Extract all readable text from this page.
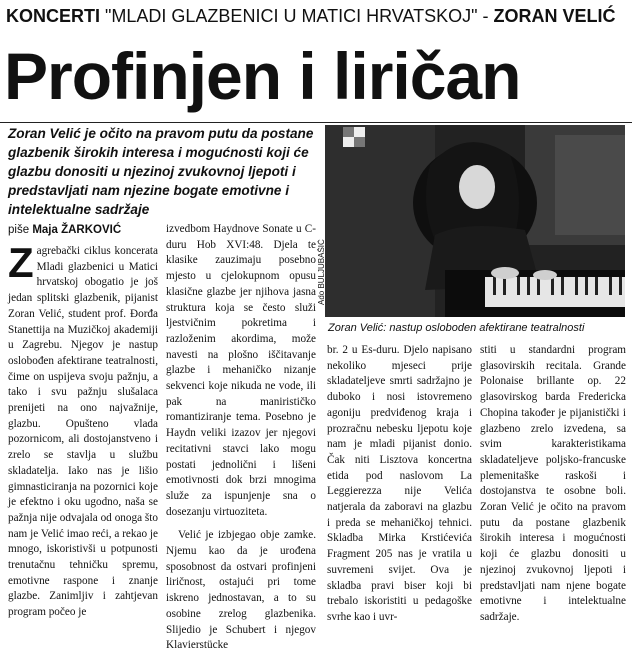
KONCERTI "MLADI GLAZBENICI U MATICI HRVATSKOJ" - ZORAN VELIĆ
Profinjen i liričan

Zoran Velić je očito na pravom putu da postane glazbenik širokih interesa i mogućnosti koji će glazbu donositi u njezinoj zvukovnoj ljepoti i predstavljati nam njezine bogate emotivne i intelektualne sadržaje

piše Maja ŽARKOVIĆ
Ado BULJUBAŠIĆ
Zoran Velić: nastup osloboden afektirane teatralnosti

Zagrebački ciklus koncerata Mladi glazbenici u Matici hrvatskoj obogatio je još jedan splitski glazbenik, pijanist Zoran Velić, student prof. Đorđa Stanettija na Muzičkoj akademiji u Zagrebu. Njegov je nastup oslobođen afektirane teatralnosti, čime on uspijeva svoju pažnju, a tako i svu pažnju slušalaca prenijeti na ono najvažnije, glazbu. Opušteno vlada pozornicom, ali dostojanstveno i zrelo se stavlja u službu skladatelja. Iako nas je lišio gimnasticiranja na pozornici koje je efektno i oku ugodno, naša se pažnja nije odvajala od onoga što nam je Velić imao reći, a rekao je mnogo, iskoristivši u potpunosti trenutačnu tehničku spremu, emotivne raspone i znanje glazbe. Zanimljiv i zahtjevan program počeo je

izvedbom Haydnove Sonate u C-duru Hob XVI:48. Djela te klasike zauzimaju posebno mjesto u cjelokupnom opusu klasične glazbe jer njihova jasna struktura koja se često služi ljestvičnim pokretima i razloženim akordima, može navesti na plošno iščitavanje glazbe i mehaničko nizanje sekvenci koje nikuda ne vode, ili pak na manirističko romantiziranje tema. Posebno je Haydn veliki izazov jer njegovi recitativni stavci lako mogu postati jednolični i lišeni emotivnosti dok brzi mnogima služe za ispunjenje sna o dosezanju virtuozitetа.

Velić je izbjegao obje zamke. Njemu kao da je urođena sposobnost da ostvari profinjeni liričnost, ostajući pri tome iskreno jednostavan, a to su osobine zrelog glazbenika. Slijedio je Schubert i njegov Klavierstücke

br. 2 u Es-duru. Djelo napisano nekoliko mjeseci prije skladateljeve smrti sadržajno je duboko i nosi istovremeno agoniju predviđenog kraja i prozračnu nebesku ljepotu koje nam je mladi pijanist donio. Čak niti Lisztova koncertna etida pod naslovom La Leggierezza nije Velića natjerala da zaboravi na glazbu i preda se mehaničkoj tehnici. Skladba Mirka Krstićevića Fragment 205 nas je vratila u suvremeni svijet. Ova je skladba pravi biser koji bi trebalo iskoristiti u pedagoške svrhe kao i uvr-

stiti u standardni program glasovirskih recitala. Grande Polonaise brillante op. 22 glasovirskog barda Fredericka Chopina također je pijanistički i glazbeno zrelo izvedena, sa svim karakteristikama skladateljeve poljsko-francuske plemenitaške raskoši i dostojanstva te osobne boli. Zoran Velić je očito na pravom putu da postane glazbenik širokih interesa i mogućnosti koji će glazbu donositi u njezinoj zvukovnoj ljepoti i predstavljati nam njene bogate emotivne i intelektualne sadržaje.
